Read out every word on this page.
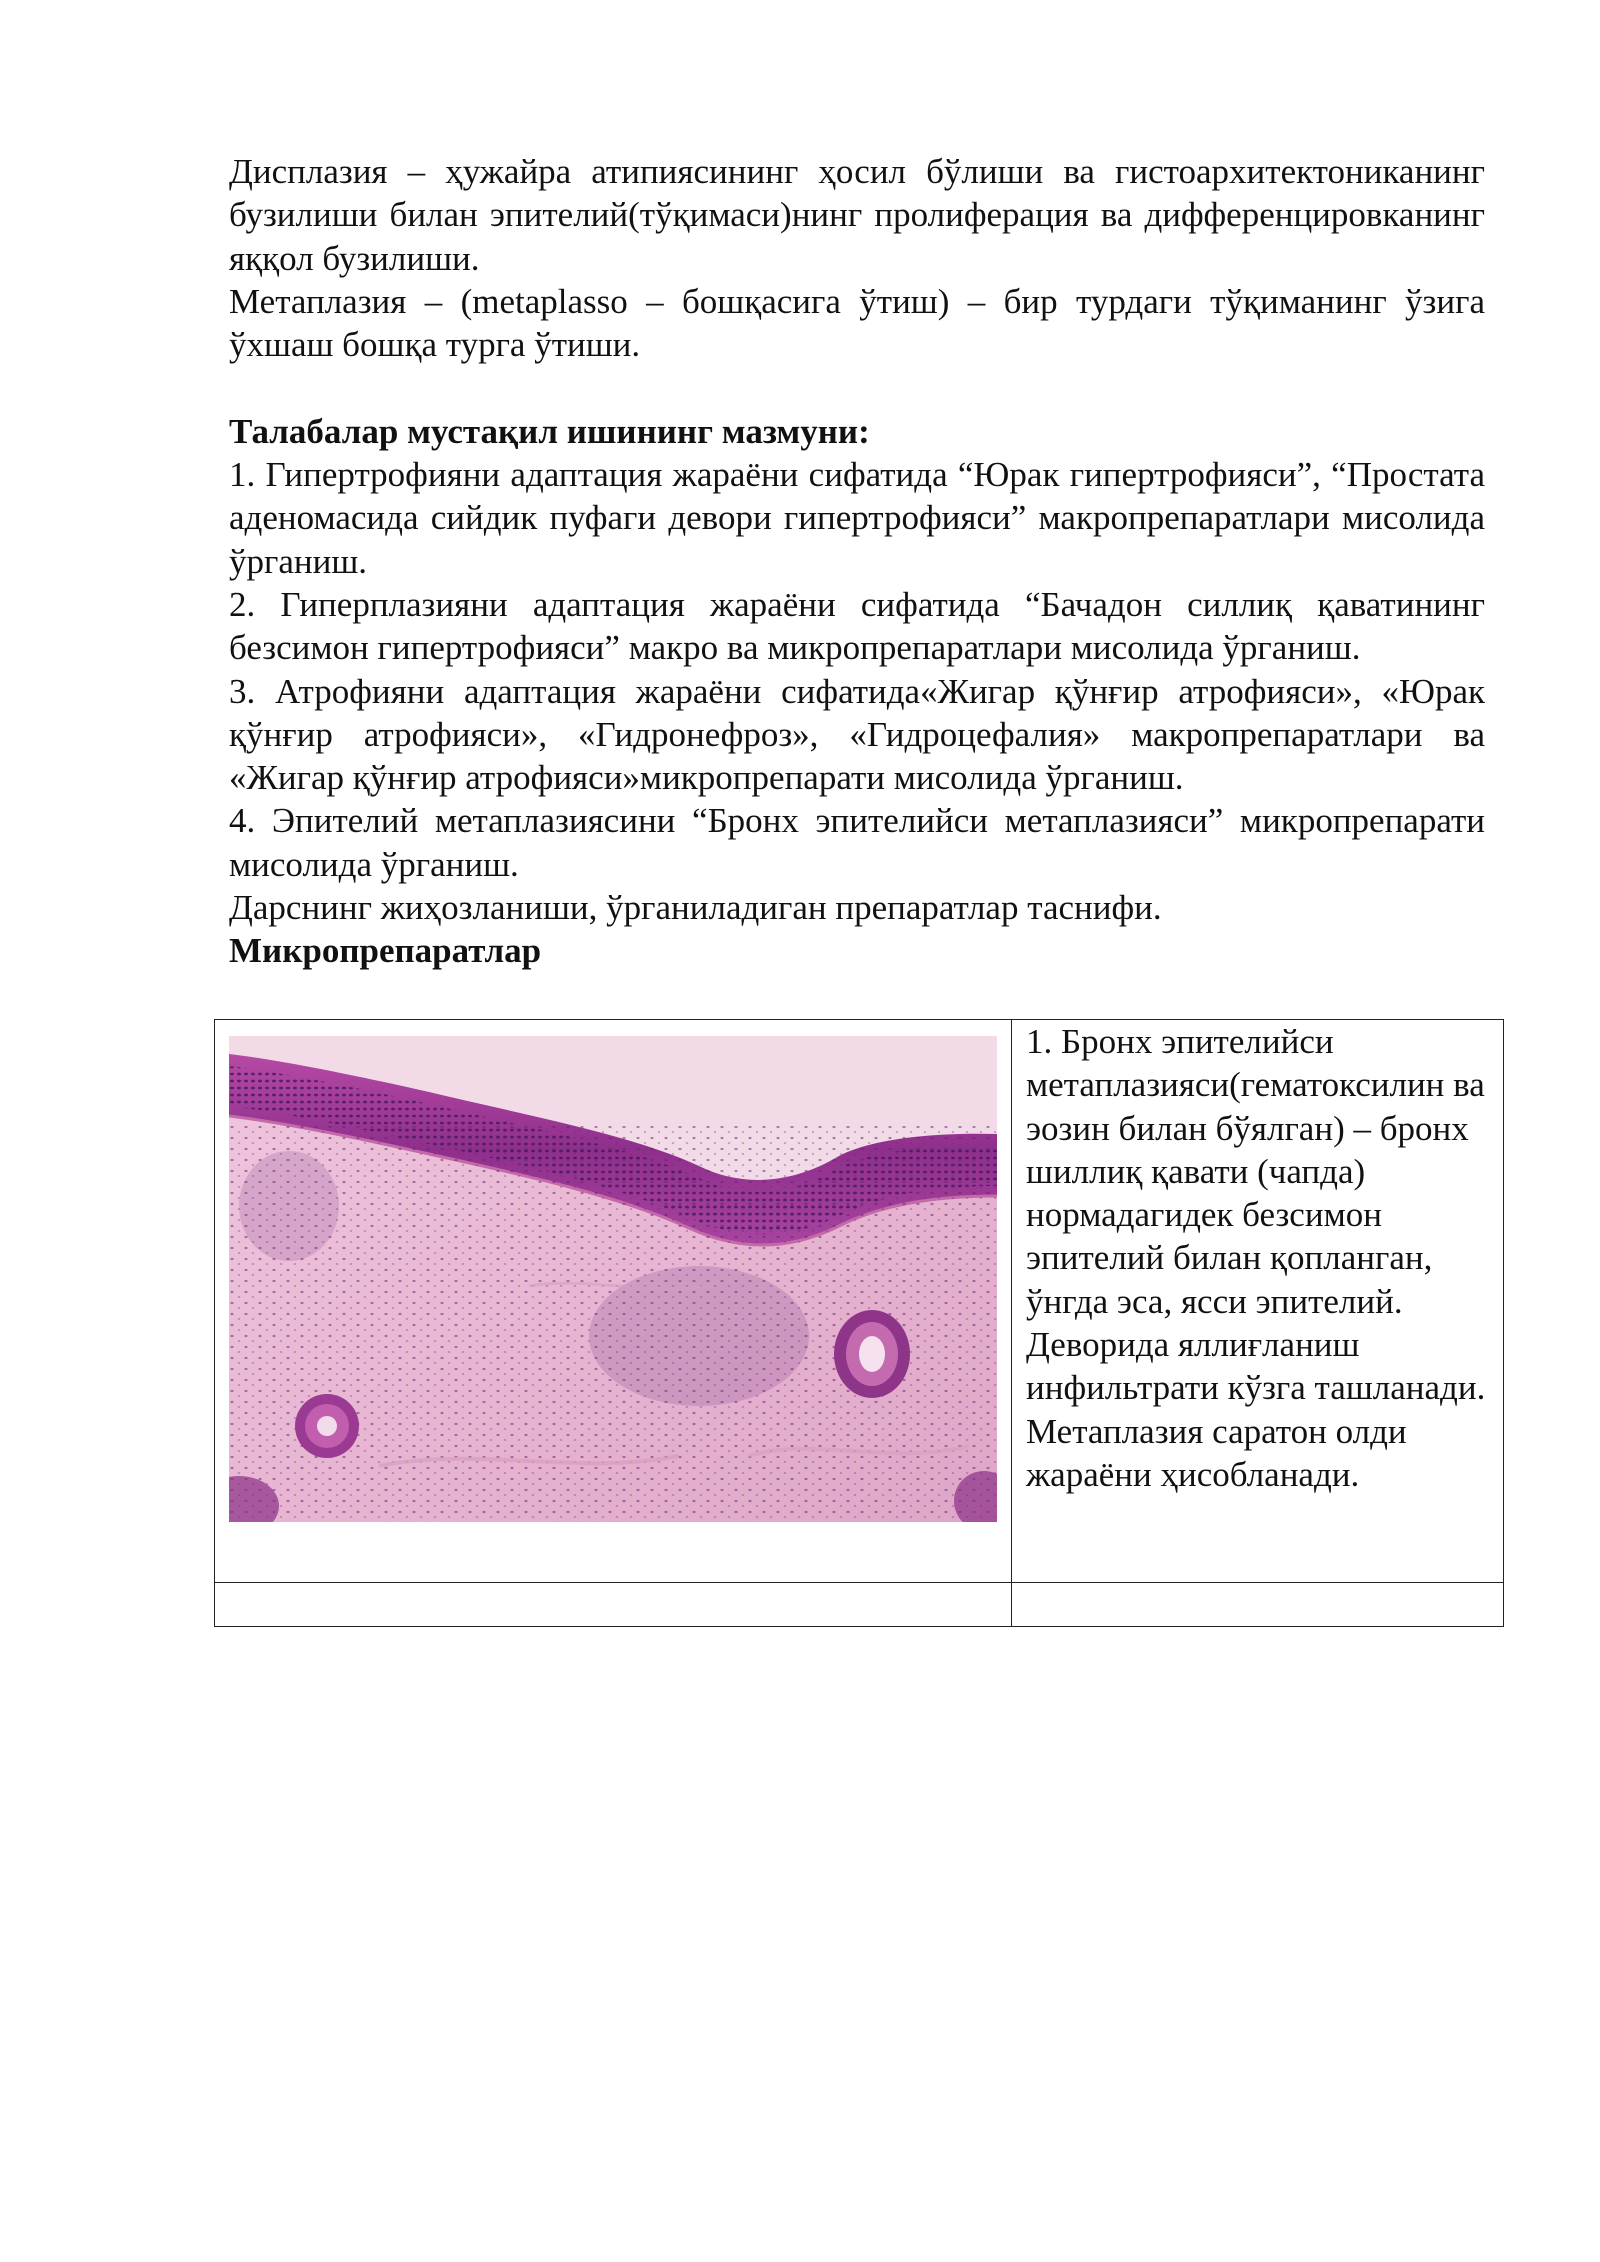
Дисплазия – ҳужайра атипиясининг ҳосил бўлиши ва гистоархитектониканинг бузилиши билан эпителий(тўқимаси)нинг пролиферация ва дифференцировканинг яққол бузилиши.

Метаплазия – (metaplasso – бошқасига ўтиш) – бир турдаги тўқиманинг ўзига ўхшаш бошқа турга ўтиши.

Талабалар мустақил ишининг мазмуни:

1. Гипертрофияни адаптация жараёни сифатида “Юрак гипертрофияси”, “Простата аденомасида сийдик пуфаги девори гипертрофияси” макропрепаратлари мисолида ўрганиш.

2. Гиперплазияни адаптация жараёни сифатида “Бачадон силлиқ қаватининг безсимон гипертрофияси” макро ва микропрепаратлари мисолида ўрганиш.

3. Атрофияни адаптация жараёни сифатида«Жигар қўнғир атрофияси», «Юрак қўнғир атрофияси», «Гидронефроз», «Гидроцефалия» макропрепаратлари ва «Жигар қўнғир атрофияси»микропрепарати мисолида ўрганиш.

4. Эпителий метаплазиясини “Бронх эпителийси метаплазияси” микропрепарати мисолида ўрганиш.

Дарснинг жиҳозланиши, ўрганиладиган препаратлар таснифи.

Микропрепаратлар

1. Бронх эпителийси метаплазияси(гематоксилин ва эозин билан бўялган) – бронх шиллиқ қавати (чапда) нормадагидек безсимон эпителий билан қопланган, ўнгда эса, ясси эпителий. Деворида яллиғланиш инфильтрати кўзга ташланади. Метаплазия саратон олди жараёни ҳисобланади.
